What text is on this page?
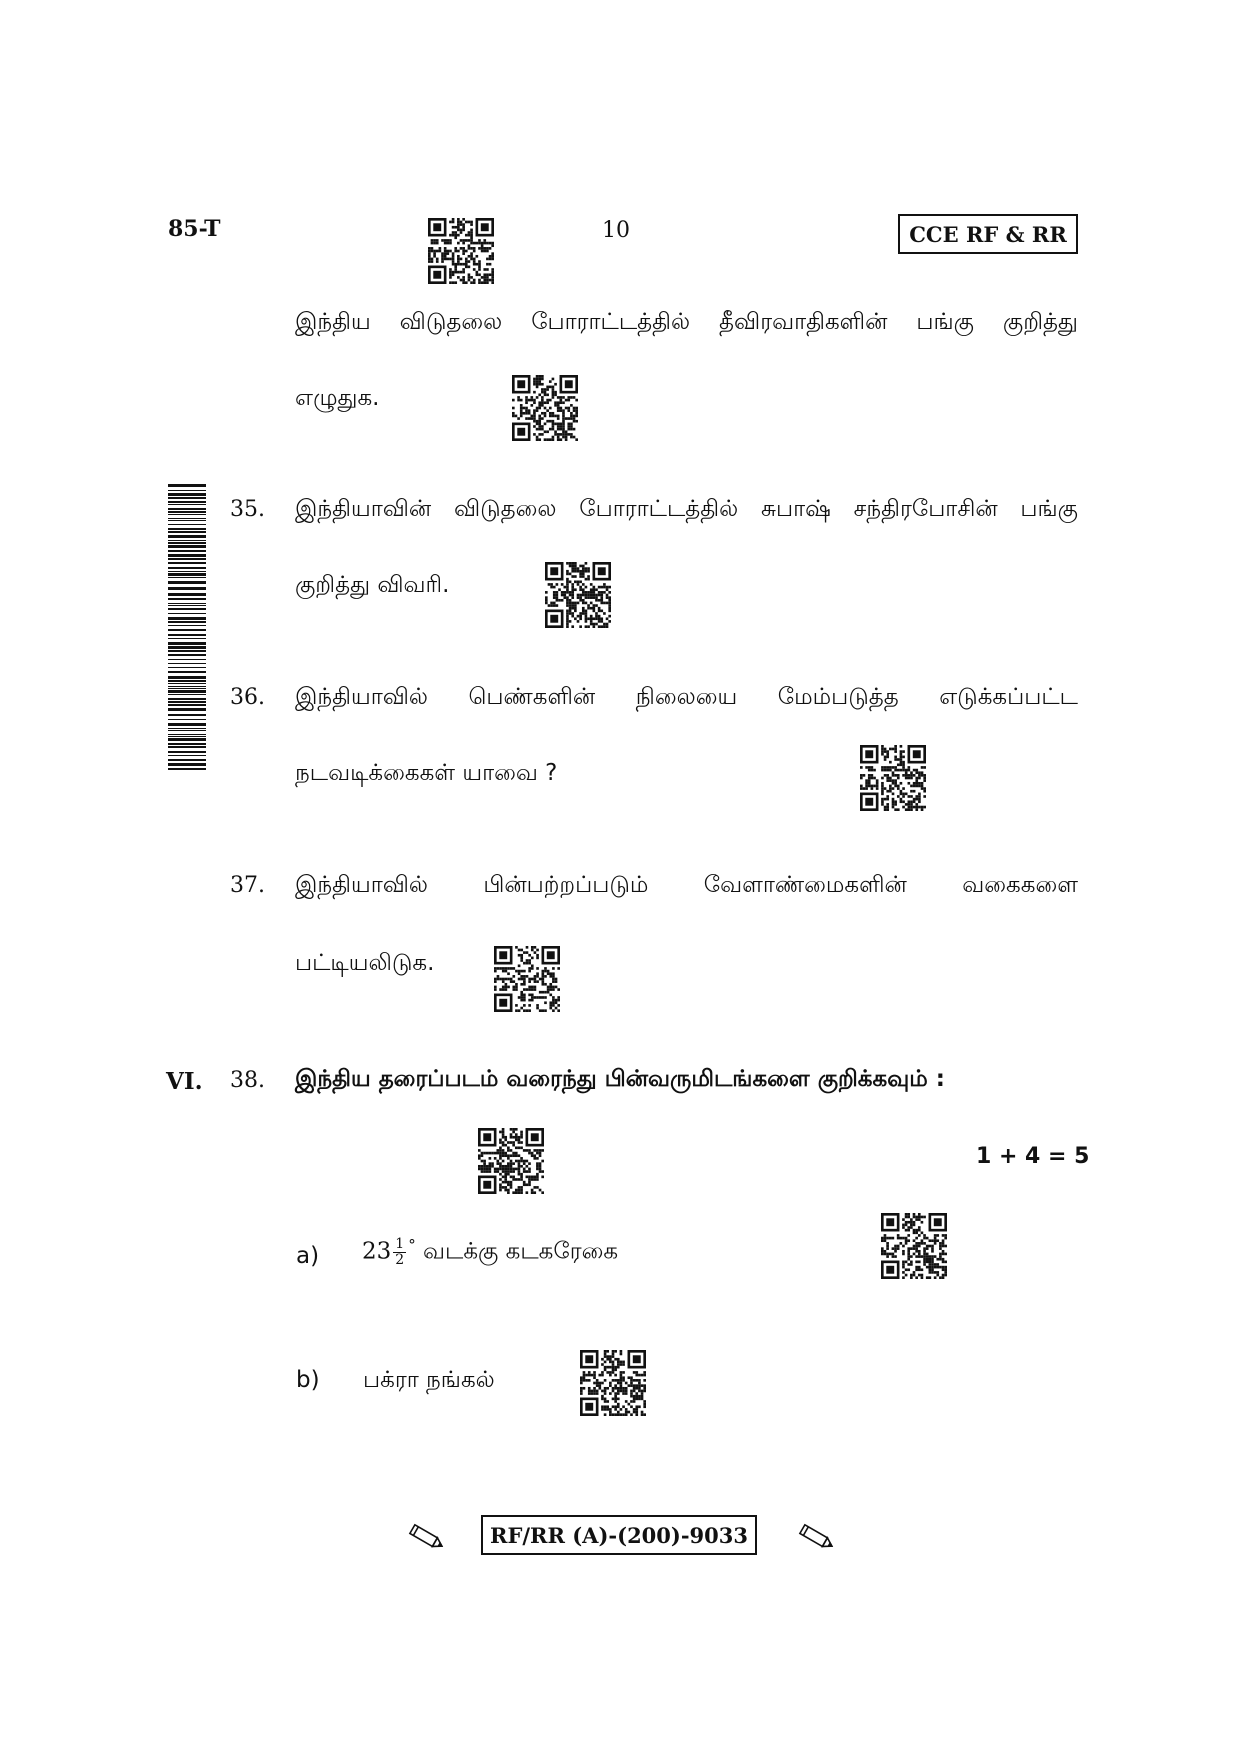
85-T	10	CCE RF & RR
இந்திய விடுதலை போராட்டத்தில் தீவிரவாதிகளின் பங்கு குறித்து
எழுதுக.
35. இந்தியாவின் விடுதலை போராட்டத்தில் சுபாஷ் சந்திரபோசின் பங்கு
குறித்து விவரி.
36. இந்தியாவில் பெண்களின் நிலையை மேம்படுத்த எடுக்கப்பட்ட
நடவடிக்கைகள் யாவை ?
37. இந்தியாவில் பின்பற்றப்படும் வேளாண்மைகளின் வகைகளை
பட்டியலிடுக.
VI. 38. இந்திய தரைப்படம் வரைந்து பின்வருமிடங்களை குறிக்கவும் :
1 + 4 = 5
a) $23 \frac{1}{2} ^\circ$ வடக்கு கடகரேகை
b) பக்ரா நங்கல்
RF/RR (A)-(200)-9033
